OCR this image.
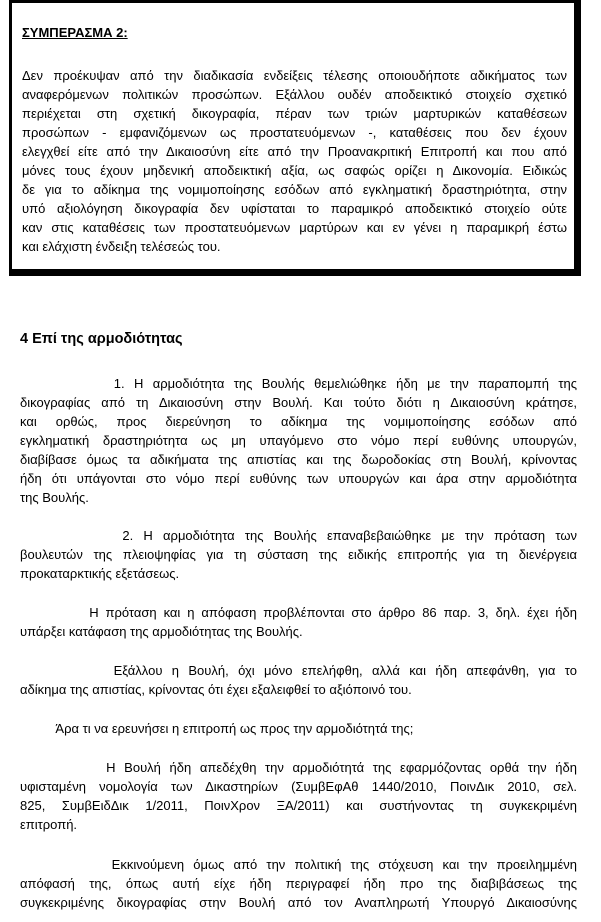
ΣΥΜΠΕΡΑΣΜΑ 2:
Δεν προέκυψαν από την διαδικασία ενδείξεις τέλεσης οποιουδήποτε αδικήματος των
αναφερόμενων πολιτικών προσώπων. Εξάλλου ουδέν αποδεικτικό στοιχείο σχετικό
περιέχεται στη σχετική δικογραφία, πέραν των τριών μαρτυρικών καταθέσεων
προσώπων - εμφανιζόμενων ως προστατευόμενων -, καταθέσεις που δεν έχουν
ελεγχθεί είτε από την Δικαιοσύνη είτε από την Προανακριτική Επιτροπή και που από
μόνες τους έχουν μηδενική αποδεικτική αξία, ως σαφώς ορίζει η Δικονομία. Ειδικώς
δε για το αδίκημα της νομιμοποίησης εσόδων από εγκληματική δραστηριότητα, στην
υπό αξιολόγηση δικογραφία δεν υφίσταται το παραμικρό αποδεικτικό στοιχείο ούτε
καν στις καταθέσεις των προστατευόμενων μαρτύρων και εν γένει η παραμικρή έστω
και ελάχιστη ένδειξη τελέσεώς του.
4 Επί της αρμοδιότητας
1. Η αρμοδιότητα της Βουλής θεμελιώθηκε ήδη με την παραπομπή της
δικογραφίας από τη Δικαιοσύνη στην Βουλή. Και τούτο διότι η Δικαιοσύνη κράτησε,
και ορθώς, προς διερεύνηση το αδίκημα της νομιμοποίησης εσόδων από
εγκληματική δραστηριότητα ως μη υπαγόμενο στο νόμο περί ευθύνης υπουργών,
διαβίβασε όμως τα αδικήματα της απιστίας και της δωροδοκίας στη Βουλή, κρίνοντας
ήδη ότι υπάγονται στο νόμο περί ευθύνης των υπουργών και άρα στην αρμοδιότητα
της Βουλής.
2. Η αρμοδιότητα της Βουλής επαναβεβαιώθηκε με την πρόταση των
βουλευτών της πλειοψηφίας για τη σύσταση της ειδικής επιτροπής για τη διενέργεια
προκαταρκτικής εξετάσεως.
Η πρόταση και η απόφαση προβλέπονται στο άρθρο 86 παρ. 3, δηλ. έχει ήδη
υπάρξει κατάφαση της αρμοδιότητας της Βουλής.
Εξάλλου η Βουλή, όχι μόνο επελήφθη, αλλά και ήδη απεφάνθη, για το
αδίκημα της απιστίας, κρίνοντας ότι έχει εξαλειφθεί το αξιόποινό του.
Άρα τι να ερευνήσει η επιτροπή ως προς την αρμοδιότητά της;
Η Βουλή ήδη απεδέχθη την αρμοδιότητά της εφαρμόζοντας ορθά την ήδη
υφισταμένη νομολογία των Δικαστηρίων (ΣυμβΕφΑθ 1440/2010, ΠοινΔικ 2010, σελ.
825, ΣυμβΕιδΔικ 1/2011, ΠοινΧρον ΞΑ/2011) και συστήνοντας τη συγκεκριμένη
επιτροπή.
Εκκινούμενη όμως από την πολιτική της στόχευση και την προειλημμένη
απόφασή της, όπως αυτή είχε ήδη περιγραφεί ήδη προ της διαβιβάσεως της
συγκεκριμένης δικογραφίας στην Βουλή από τον Αναπληρωτή Υπουργό Δικαιοσύνης
